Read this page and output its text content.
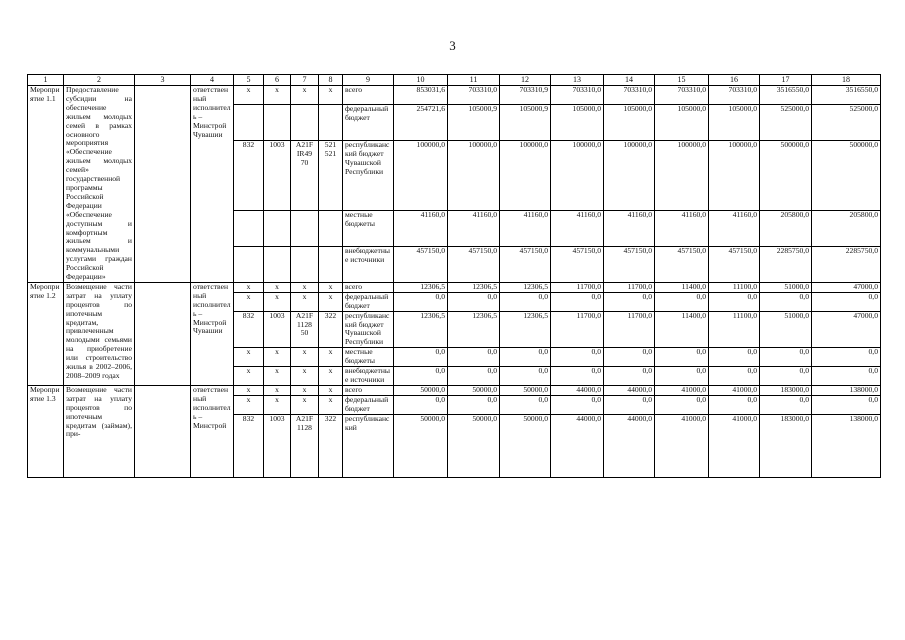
3
1	2	3	4	5	6	7	8	9	10	11	12	13	14	15	16	17	18
Мероприятие 1.1	Предоставление субсидии на обеспечение жильем молодых семей в рамках основного мероприятия «Обеспечение жильем молодых семей» государственной программы Российской Федерации «Обеспечение доступным и комфортным жильем и коммунальными услугами граждан Российской Федерации»		ответственный исполнитель – Минстрой Чувашии	x	x	x	x	всего	853031,6	703310,0	703310,9	703310,0	703310,0	703310,0	703310,0	3516550,0	3516550,0
								федеральный бюджет	254721,6	105000,9	105000,9	105000,0	105000,0	105000,0	105000,0	525000,0	525000,0
				832	1003	A21F IR49 70	521 521	республиканский бюджет Чувашской Республики	100000,0	100000,0	100000,0	100000,0	100000,0	100000,0	100000,0	500000,0	500000,0
								местные бюджеты	41160,0	41160,0	41160,0	41160,0	41160,0	41160,0	41160,0	205800,0	205800,0
								внебюджетные источники	457150,0	457150,0	457150,0	457150,0	457150,0	457150,0	457150,0	2285750,0	2285750,0
Мероприятие 1.2	Возмещение части затрат на уплату процентов по ипотечным кредитам, привлеченным молодыми семьями на приобретение или строительство жилья в 2002–2006, 2008–2009 годах		ответственный исполнитель – Минстрой Чувашии	x	x	x	x	всего	12306,5	12306,5	12306,5	11700,0	11700,0	11400,0	11100,0	51000,0	47000,0
				x	x	x	x	федеральный бюджет	0,0	0,0	0,0	0,0	0,0	0,0	0,0	0,0	0,0
				832	1003	A21F 1128 50	322	республиканский бюджет Чувашской Республики	12306,5	12306,5	12306,5	11700,0	11700,0	11400,0	11100,0	51000,0	47000,0
				x	x	x	x	местные бюджеты	0,0	0,0	0,0	0,0	0,0	0,0	0,0	0,0	0,0
				x	x	x	x	внебюджетные источники	0,0	0,0	0,0	0,0	0,0	0,0	0,0	0,0	0,0
Мероприятие 1.3	Возмещение части затрат на уплату процентов по ипотечным кредитам (займам), при-		ответственный исполнитель – Минстрой	x	x	x	x	всего	50000,0	50000,0	50000,0	44000,0	44000,0	41000,0	41000,0	183000,0	138000,0
				x	x	x	x	федеральный бюджет	0,0	0,0	0,0	0,0	0,0	0,0	0,0	0,0	0,0
				832	1003	A21F 1128	322	республиканский	50000,0	50000,0	50000,0	44000,0	44000,0	41000,0	41000,0	183000,0	138000,0
